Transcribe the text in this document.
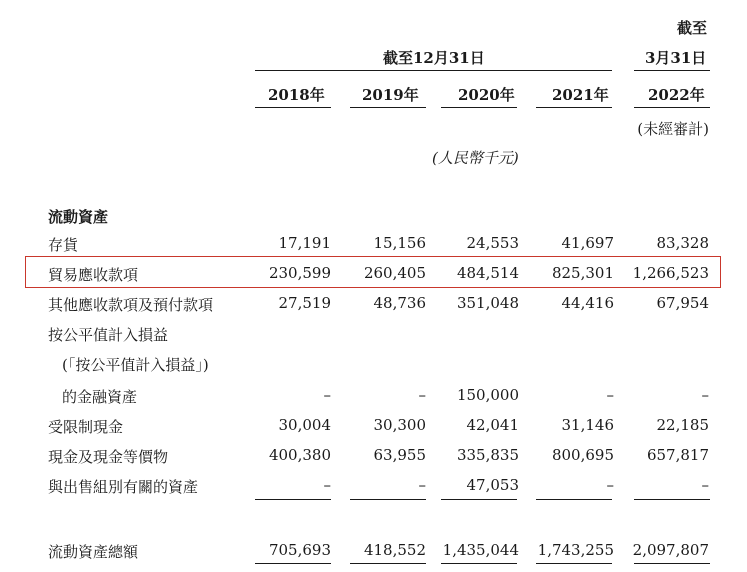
截至
截至12月31日	3月31日
2018年 2019年	2020年 2021年	2022年
(未經審計)
(人民幣千元)
流動資產
存貨	17,191	15,156	24,553	41,697	83,328
貿易應收款項	230,599 260,405 484,514 825,301 1,266,523
其他應收款項及預付款項	27,519	48,736 351,048	44,416	67,954
按公平值計入損益
(「按公平值計入損益」)
的金融資產	–	– 150,000	–	–
受限制現金	30,004	30,300	42,041	31,146	22,185
現金及現金等價物	400,380	63,955 335,835 800,695 657,817
與出售組別有關的資產	–	–	47,053	–	–
流動資產總額	705,693 418,552 1,435,044 1,743,255 2,097,807
